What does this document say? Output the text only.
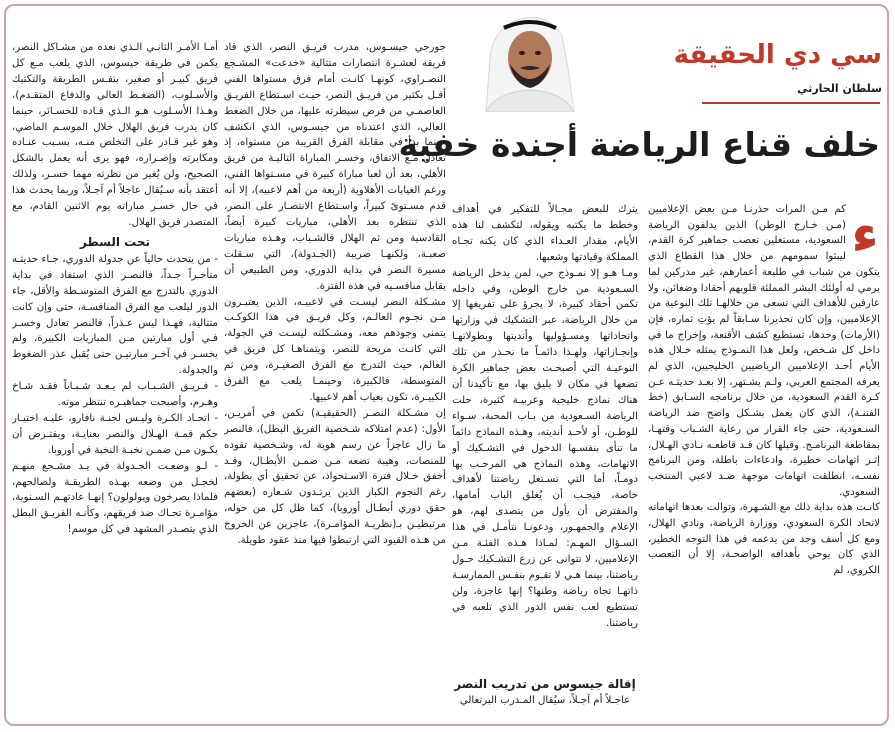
سي دي الحقيقة
سلطان الحارثي
خلف قناع الرياضة أجندة خفية

كم مـن المرات حذرنـا مـن بعض الإعلاميين (مـن خـارج الوطن) الذين يدلفون الرياضة السعودية، مستغلين تعصب جماهير كرة القدم، ليبثوا سمومهم من خلال هذا القطاع الذي يتكون من شباب في طليعة أعمارهم، غير مدركين لما يرمي له أولئك البشر المملئة قلوبهم أحقادا وضغائن، ولا عارفين للأهداف التي تسعى من خلالهـا تلك النوعية من الإعلاميين، وإن كان تحذيرنا سـابقاً لم يؤتِ ثماره، فإن (الأزمات) وحدها، تستطيع كشف الأقنعة، وإخراج ما في داخل كل شـخص، ولعل هذا النمـوذج يمثله خـلال هذه الأيام أحـد الإعلاميين الرياضيين الخليجيين، الذي لم يعرفه المجتمع العربي، ولـم يشـتهر، إلا بعـد حديثـه عـن كـرة القدم السعودية، من خلال برنامجه السـابق (خط الفتنـة)، الذي كان يعمل بشـكل واضح ضد الرياضة السـعودية، حتى جاء القرار من رعاية الشـباب وقتهـا، بمقاطعة البرنامـج. وقبلها كان قـد قاطعـه نـادي الهـلال، إثـر اتهامات خطيرة، وادعاءات باطلة، ومن البرنامج نفسـه، انطلقت اتهامات موجهة ضـد لاعبي المنتخب السعودي.

كانـت هذه بداية ذلك مع الشـهرة، وتوالت بعدها اتهاماته لاتحاد الكرة السعودي، ووزارة الرياضة، ونادي الهلال، ومع كل أسف وجد من يدعمه في هذا التوجه الخطير، الذي كان يوحي بأهدافه الواضحـة، إلا أن التعصب الكروي، لم

ء

يترك للبعض مجـالاً للتفكير في أهداف وخطط ما يكتبه ويقوله، لتكشف لنا هذه الأيام، مقدار العـداء الذي كان يكنه تجـاه المملكة وقيادتها وشعبها.

ومـا هـو إلا نمـوذج حي، لمن يدخل الرياضة السـعودية من خارج الوطن، وفي داخله تكمن أحقاد كبيرة، لا يجرؤ على تفريغها إلا من خلال الرياضة، عبر التشكيك في وزارتها واتحاداتها ومسـؤوليها وأنديتها وبطولاتهـا وإنجـازاتها، ولهـذا دائمـاً ما نحـذر من تلك النوعيـة التي أصبحـت بعض جماهير الكرة تضعها في مكان لا يليق بها، مع تأكيدنا أن هناك نماذج خليجية وعربيـة كثيرة، حلت الرياضة السـعودية من بـاب المحبة، سـواء للوطـن، أو لأحـد أنديته، وهـذه النماذج دائماً ما تنأى بنفسـها الدخول في التشـكيك أو الاتهامات، وهذه النماذج هي المرحـب بها دومـاً، أما التي تسـتغل رياضتنا لأهداف خاصة، فيجـب أن يُغلق الباب أمامها، والمفترض أن يأول من يتصدى لهم، هو الإعلام والجمهـور، ودعونـا نتأمـل في هذا السـؤال المهـم: لمـاذا هـذه الفئـة مـن الإعلاميين، لا تتوانى عن زرع التشـكيك حـول رياضتنا، بينما هـي لا تقـوم بنفـس الممارسـة ذاتهـا تجاه رياضة وطنها؟ إنها عاجزة، ولن تستطيع لعب نفس الدور الذي تلعبه في رياضتنا.

إقالة جيسوس من تدريب النصر
عاجـلاً أم آجـلاً، سيُقال المـدرب البرتغالي

جورجي جيسـوس، مدرب فريـق النصر، الذي قاد فريقه لعشـرة انتصارات متتالية «خدعت» المشـجع النصـراوي، كونهـا كانـت أمام فرق مستواها الفني أقـل بكثير من فريـق النصر، حيـث اسـتطاع الفريـق العاصمـي من فرض سيطرته عليها، من خلال الضغط العالي، الذي اعتدناه من جيسـوس، الذي انكشف حينما بدأ في مقابلة الفرق القريبة من مستواه، إذ تعادل مـع الاتفاق، وخسـر المباراة التاليـة من فريق الأهلي، بعد أن لعبا مباراة كبيرة في مسـتواها الفني، ورغم الغيابات الأهلاوية (أربعة من أهم لاعبيه)، إلا أنه قدم مسـتوىً كبيراً، واسـتطاع الانتصـار على النصر، الذي تنتظره بعد الأهلي، مباريات كبيرة أيضاً، القادسية ومن ثم الهلال فالشـباب، وهـذه مباريات صعبـة، ولكنهـا ضريبة (الجـدولة)، التي سـقلت مسيرة النصر في بداية الدوري، ومن الطبيعي أن يقابل منافسـيه في هذه الفترة.

مشـكلة النصر ليسـت في لاعبيـه، الذين يعتبـرون مـن نجـوم العالـم، وكل فريـق في هذا الكوكـب يتمنى وجودهم معه، ومشـكلته ليسـت في الجولة، التي كانـت مريحة للنصر، ويتمناهـا كل فريق في العالم، حيث التدرج مع الفرق الصغيـرة، ومن ثم المتوسطة، فالكبيرة، وحينمـا يلعب مع الفرق الكبيـرة، تكون بغياب أهم لاعبيها.

إن مشـكلة النصـر (الحقيقيـة) تكمن في أمريـن، الأول: (عدم امتلاكه شـخصية الفريق البطل)، فالنصر ما زال عاجزاً عن رسم هوية له، وشـخصية تقوده للمنصات، وهيبة تضعه مـن ضمـن الأبطـال، وقـد أخفق خـلال فترة الاسـتحواذ، عن تحقيق أي بطولة، رغم النجوم الكبار الذين يرتـدون شـعاره (بعضهم حقق دوري أبطـال أوروبا)، كما ظل كل من حوله، مرتبطيـن بـ(نظريـة المؤامـرة)، عاجزين عن الخروج من هـذه القيود التي ارتبطوا فيها منذ عقود طويلة.

أمـا الأمـر الثانـي الـذي نعده من مشـاكل النصر، يكمن في طريقة جيسوس، الذي يلعب مـع كل فريق كبيـر أو صغير، بنفـس الطريقة والتكتيك والأسـلوب، (الضغـط العالي والدفاع المتقـدم)، وهـذا الأسـلوب هـو الـذي قـاده للخسـائر، حينما كان يدرب فريق الهلال خلال الموسـم الماضي، وهو غير قـادر على التخلص منـه، بسـبب عنـاده ومكابرته وإصـراره، فهو يرى أنه يعمل بالشكل الصحيح، ولن يُغير من نظرته مهما خسـر، ولذلك أعتقد بأنه سـيُقال عاجلاً أم آجـلاً، وربما يحدث هذا في حال خسـر مباراته يوم الاثنين القادم، مع المتصدر فريق الهلال.

تحت السطر

- من يتحدث حالياً عن جدولة الدوري، جـاء حديثـه متأخـراً جـداً، فالنصـر الذي استفاد في بداية الدوري بالتدرج مع الفرق المتوسـطة والأقل، جاء الدور ليلعب مع الفرق المنافسـة، حتى وإن كانت متتالية، فهـذا ليس عـذراً، فالنصر تعادل وخسـر فـي أول مبارتين مـن المباريات الكبيرة، ولم يخسـر في آخـر مبارتيـن حتى يُقبل عذر الضغوط والجدولة.

- فـريـق الشـبـاب لم يـعـد شـبـاباً فقـد شـاخ وهـرم، وأصبحت جماهيـره تنتظر موته.

- اتحـاد الكـرة وليـس لجنـة نافارو، عليـه اختيـار حكم قمـة الهـلال والنصر بعنايـة، ويفتـرض أن يكـون مـن ضمـن نخبـة النخبة في أوروبا.

- لـو وضعـت الجـدولة في يـد مشـجع منهـم لخجـل من وضعه بهـذه الطريقـة ولصالحهم، فلماذا يصرخون ويولولون؟ إنهـا عادتهـم السـنوية، مؤامـرة تحـاك ضد فريقهم، وكأنـه الفريـق البطل الذي يتصـدر المشهد في كل موسم!
